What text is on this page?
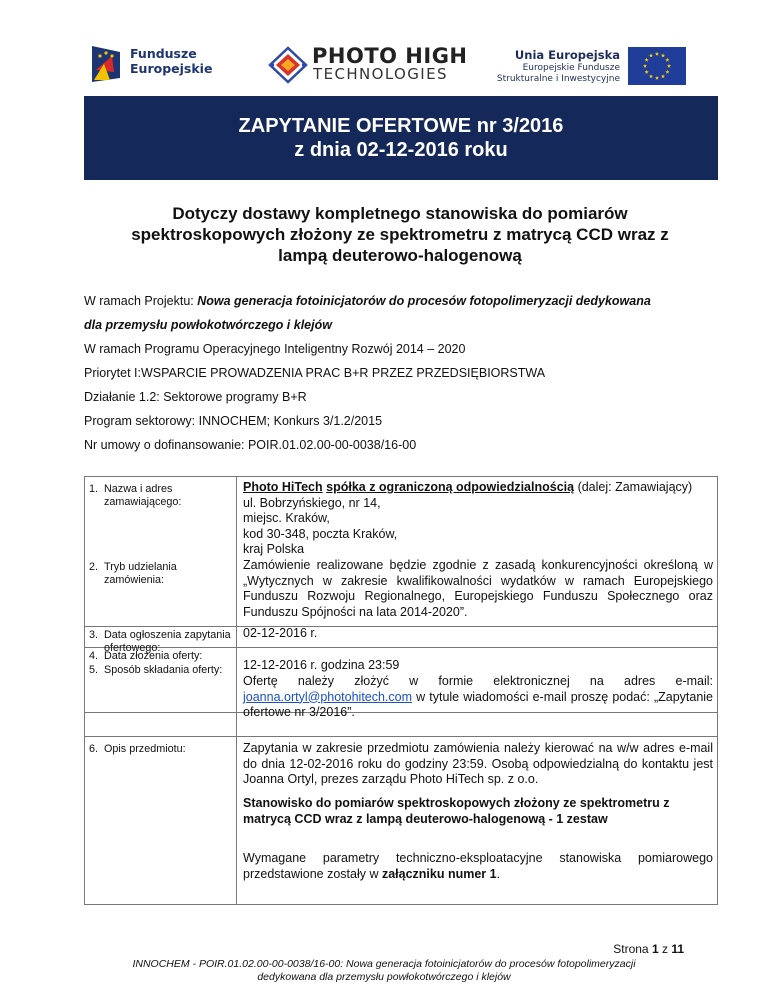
Fundusze
Europejskie
PHOTO HIGH
TECHNOLOGIES
Unia Europejska
Europejskie Fundusze
Strukturalne i Inwestycyjne
ZAPYTANIE OFERTOWE nr 3/2016
z dnia 02-12-2016 roku
Dotyczy dostawy kompletnego stanowiska do pomiarów
spektroskopowych złożony ze spektrometru z matrycą CCD wraz z
lampą deuterowo-halogenową
W ramach Projektu: Nowa generacja fotoinicjatorów do procesów fotopolimeryzacji dedykowana
dla przemysłu powłokotwórczego i klejów
W ramach Programu Operacyjnego Inteligentny Rozwój 2014 – 2020
Priorytet I:WSPARCIE PROWADZENIA PRAC B+R PRZEZ PRZEDSIĘBIORSTWA
Działanie 1.2: Sektorowe programy B+R
Program sektorowy: INNOCHEM; Konkurs 3/1.2/2015
Nr umowy o dofinansowanie: POIR.01.02.00-00-0038/16-00
1. Nazwa i adres zamawiającego:
2. Tryb udzielania zamówienia:
3. Data ogłoszenia zapytania ofertowego:
4. Data złożenia oferty:
5. Sposób składania oferty:
6. Opis przedmiotu:
Photo HiTech spółka z ograniczoną odpowiedzialnością (dalej: Zamawiający)
ul. Bobrzyńskiego, nr 14,
miejsc. Kraków,
kod 30-348, poczta Kraków,
kraj Polska
Zamówienie realizowane będzie zgodnie z zasadą konkurencyjności określoną w „Wytycznych w zakresie kwalifikowalności wydatków w ramach Europejskiego Funduszu Rozwoju Regionalnego, Europejskiego Funduszu Społecznego oraz Funduszu Spójności na lata 2014-2020”.
02-12-2016 r.
12-12-2016 r. godzina 23:59
Ofertę należy złożyć w formie elektronicznej na adres e-mail: joanna.ortyl@photohitech.com w tytule wiadomości e-mail proszę podać: „Zapytanie ofertowe nr 3/2016”.
Zapytania w zakresie przedmiotu zamówienia należy kierować na w/w adres e-mail do dnia 12-02-2016 roku do godziny 23:59. Osobą odpowiedzialną do kontaktu jest Joanna Ortyl, prezes zarządu Photo HiTech sp. z o.o.
Stanowisko do pomiarów spektroskopowych złożony ze spektrometru z matrycą CCD wraz z lampą deuterowo-halogenową - 1 zestaw
Wymagane parametry techniczno-eksploatacyjne stanowiska pomiarowego przedstawione zostały w załączniku numer 1.
Strona 1 z 11
INNOCHEM - POIR.01.02.00-00-0038/16-00: Nowa generacja fotoinicjatorów do procesów fotopolimeryzacji
dedykowana dla przemysłu powłokotwórczego i klejów
